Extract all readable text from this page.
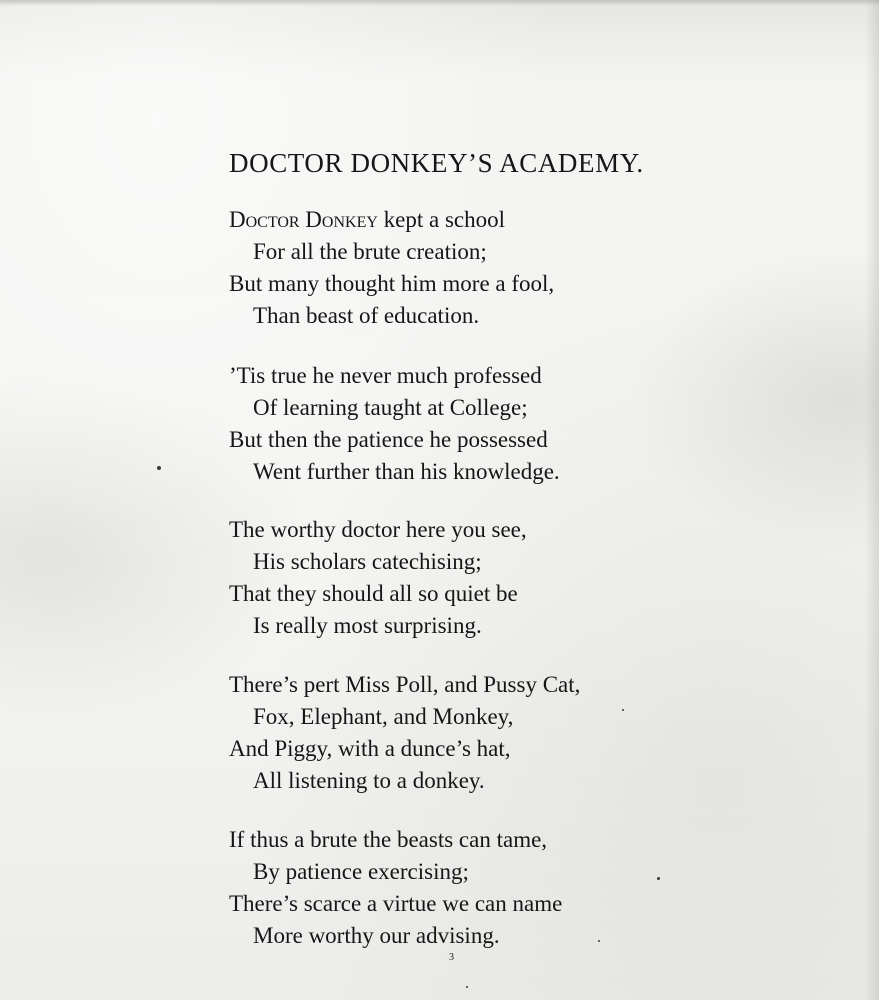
DOCTOR DONKEY’S ACADEMY.
Doctor Donkey kept a school
For all the brute creation;
But many thought him more a fool,
Than beast of education.
’Tis true he never much professed
Of learning taught at College;
But then the patience he possessed
Went further than his knowledge.
The worthy doctor here you see,
His scholars catechising;
That they should all so quiet be
Is really most surprising.
There’s pert Miss Poll, and Pussy Cat,
Fox, Elephant, and Monkey,
And Piggy, with a dunce’s hat,
All listening to a donkey.
If thus a brute the beasts can tame,
By patience exercising;
There’s scarce a virtue we can name
More worthy our advising.
3
